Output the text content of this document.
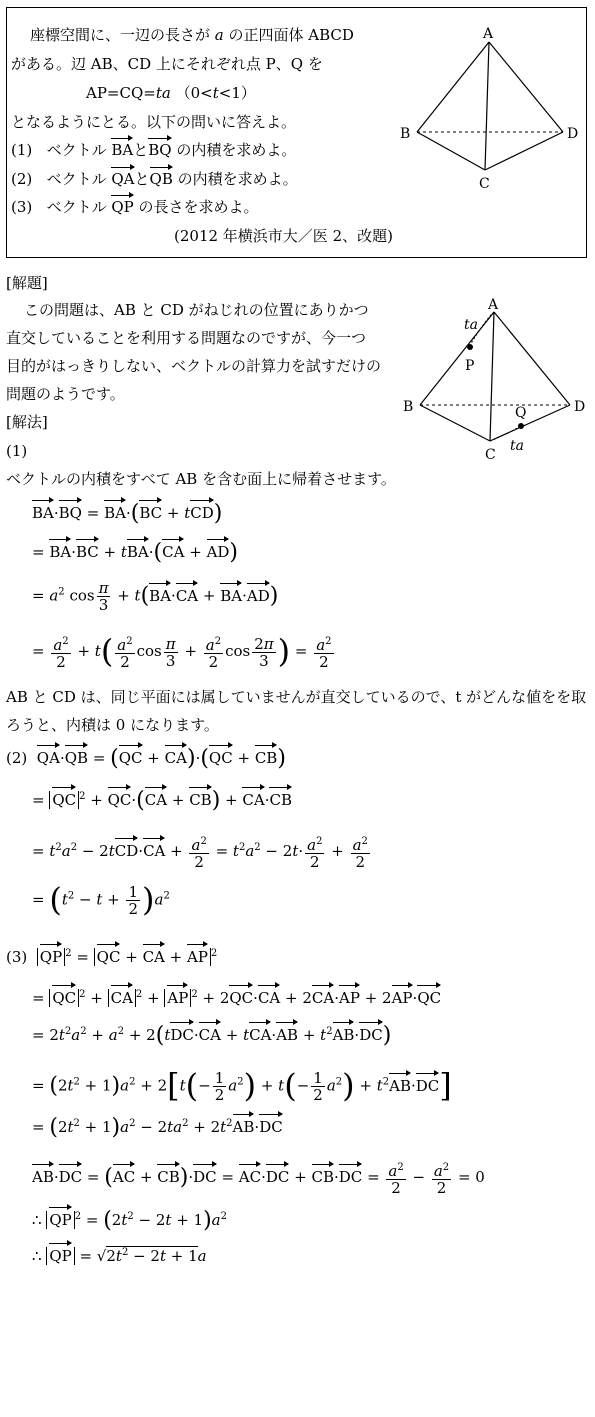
座標空間に、一辺の長さが a の正四面体 ABCD
がある。辺 AB、CD 上にそれぞれ点 P、Q を
AP=CQ=ta （0<t<1）
となるようにとる。以下の問いに答えよ。
(1) ベクトル BAとBQ の内積を求めよ。
(2) ベクトル QAとQB の内積を求めよ。
(3) ベクトル QP の長さを求めよ。
(2012 年横浜市大／医 2、改題)
A
B
C
D
[解題]
この問題は、AB と CD がねじれの位置にありかつ
直交していることを利用する問題なのですが、今一つ
目的がはっきりしない、ベクトルの計算力を試すだけの
問題のようです。
[解法]
(1)
ベクトルの内積をすべて AB を含む面上に帰着させます。
A
B
C
D
P
Q
ta
ta
BA·BQ = BA·(BC + tCD)
= BA·BC + tBA·(CA + AD)
= $a^2$ $\cos \frac{\pi}{3} + t(BA\cdot CA + BA\cdot AD)$
= $\frac{a^2}{2} + t( \frac{a^2}{2}$ $\cos \frac{\pi}{3} + \frac{a^2}{2}$ $\cos \frac{2\pi}{3}$ ) = $\frac{a^2}{2}$
AB と CD は、同じ平面には属していませんが直交しているので、t がどんな値をを取
ろうと、内積は 0 になります。
(2) QA·QB = (QC + CA)·(QC + CB)
= QC $^2$ + QC·(CA + CB) + CA·CB
= $t^2a^2 - 2tCD\cdot CA + \frac{a^2}{2} = t^2a^2 - 2t\cdot \frac{a^2}{2} + \frac{a^2}{2}$
= $(t^2 - t + \frac{1}{2} )a^2$
(3) QP $^2$ = QC + CA + AP $^2$
= QC $^2$ + CA $^2$ + AP $^2$ + 2QC·CA + 2CA·AP + 2AP·QC
= $2t^2a^2 + a^2 + 2(tDC\cdot CA + tCA\cdot AB + t^2AB\cdot DC)$
= $(2t^2 + 1)a^2 + 2[t(- \frac{1}{2} a^2) + t(- \frac{1}{2} a^2) + t^2AB\cdot DC]$
= $(2t^2 + 1)a^2 - 2ta^2 + 2t^2AB\cdot DC$
$AB\cdot DC = (AC + CB)\cdot DC = AC\cdot DC + CB\cdot DC = \frac{a^2}{2} - \frac{a^2}{2} = 0$
∴ QP $^2 = (2t^2 - 2t + 1)a^2$
∴ QP = $√2t^2 - 2t + 1a$
